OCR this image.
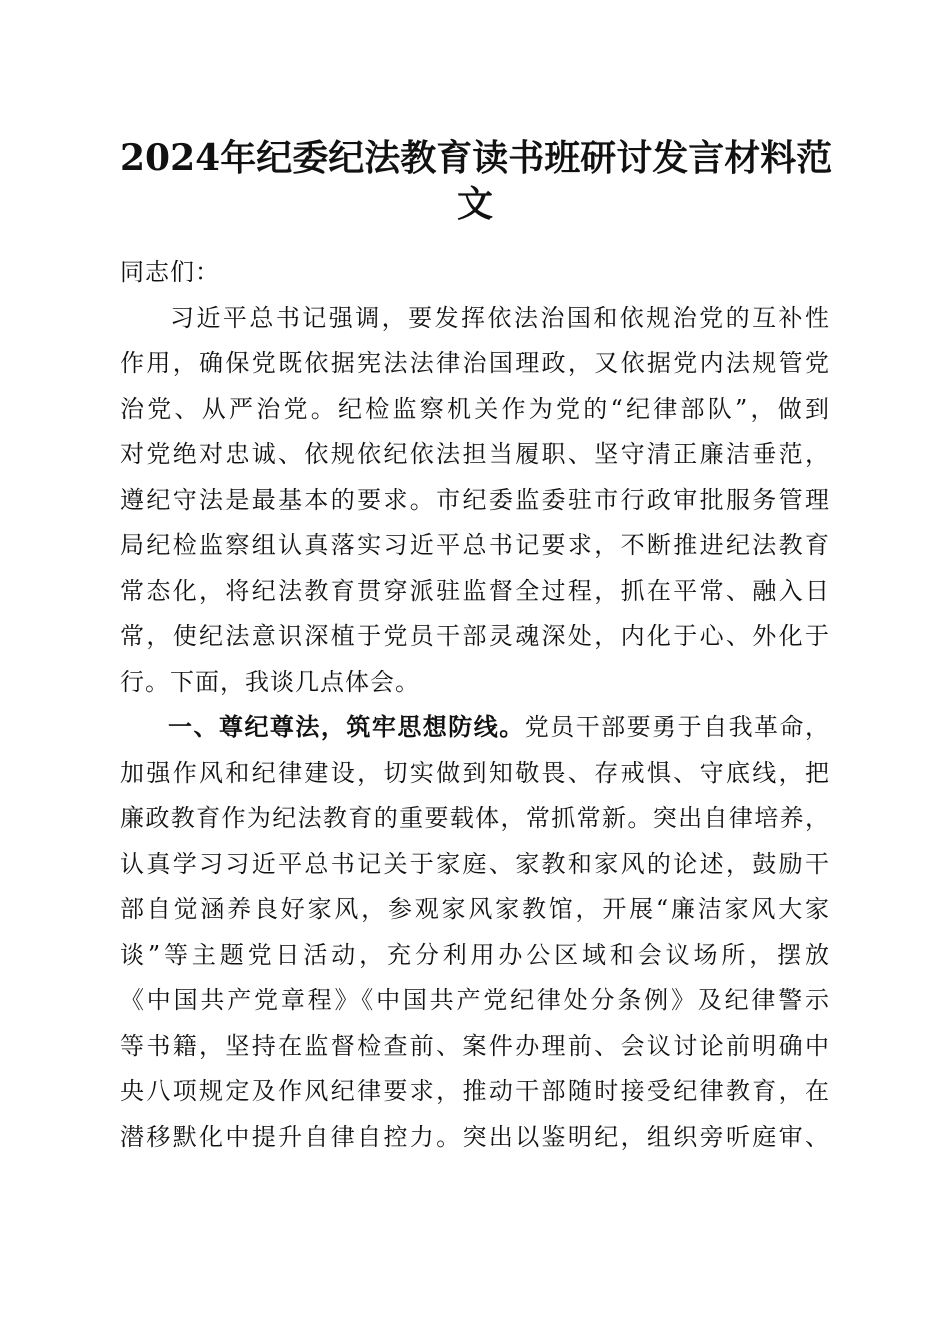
2024年纪委纪法教育读书班研讨发言材料范
文
同志们：
习近平总书记强调，要发挥依法治国和依规治党的互补性
作用，确保党既依据宪法法律治国理政，又依据党内法规管党
治党、从严治党。纪检监察机关作为党的“纪律部队”，做到
对党绝对忠诚、依规依纪依法担当履职、坚守清正廉洁垂范，
遵纪守法是最基本的要求。市纪委监委驻市行政审批服务管理
局纪检监察组认真落实习近平总书记要求，不断推进纪法教育
常态化，将纪法教育贯穿派驻监督全过程，抓在平常、融入日
常，使纪法意识深植于党员干部灵魂深处，内化于心、外化于
行。下面，我谈几点体会。
一、尊纪尊法，筑牢思想防线。党员干部要勇于自我革命，
加强作风和纪律建设，切实做到知敬畏、存戒惧、守底线，把
廉政教育作为纪法教育的重要载体，常抓常新。突出自律培养，
认真学习习近平总书记关于家庭、家教和家风的论述，鼓励干
部自觉涵养良好家风，参观家风家教馆，开展“廉洁家风大家
谈”等主题党日活动，充分利用办公区域和会议场所，摆放
《中国共产党章程》《中国共产党纪律处分条例》及纪律警示
等书籍，坚持在监督检查前、案件办理前、会议讨论前明确中
央八项规定及作风纪律要求，推动干部随时接受纪律教育，在
潜移默化中提升自律自控力。突出以鉴明纪，组织旁听庭审、
